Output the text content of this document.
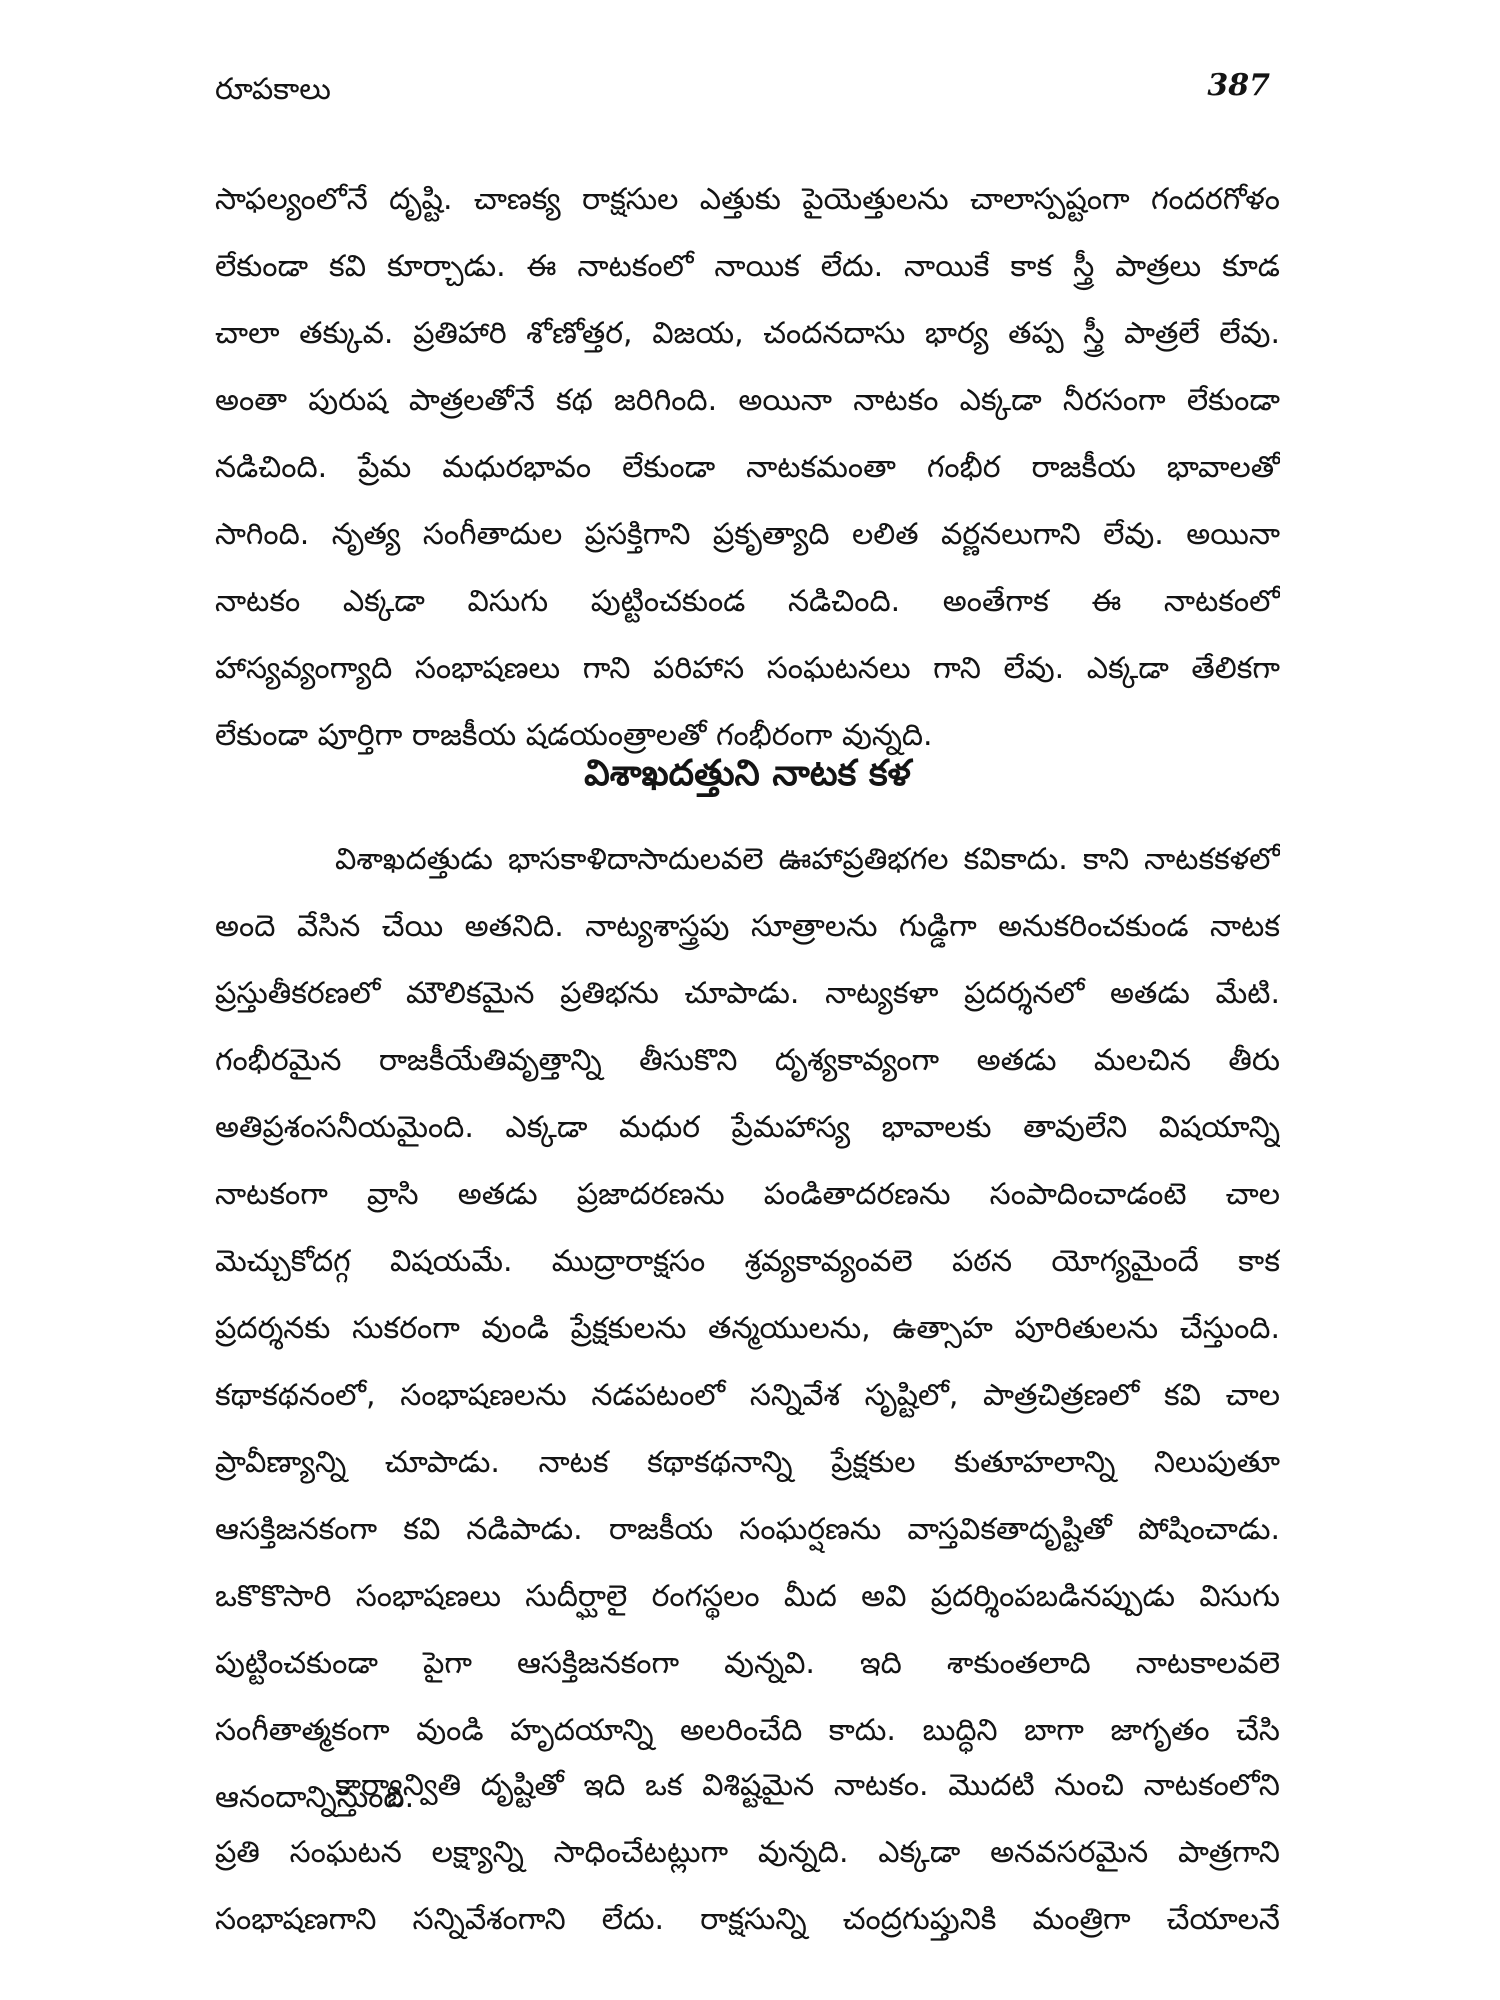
రూపకాలు	387
సాఫల్యంలోనే దృష్టి. చాణక్య రాక్షసుల ఎత్తుకు పైయెత్తులను చాలాస్పష్టంగా గందరగోళం
లేకుండా కవి కూర్చాడు. ఈ నాటకంలో నాయిక లేదు. నాయికే కాక స్త్రీ పాత్రలు కూడ
చాలా తక్కువ. ప్రతిహారి శోణోత్తర, విజయ, చందనదాసు భార్య తప్ప స్త్రీ పాత్రలే లేవు.
అంతా పురుష పాత్రలతోనే కథ జరిగింది. అయినా నాటకం ఎక్కడా నీరసంగా లేకుండా
నడిచింది. ప్రేమ మధురభావం లేకుండా నాటకమంతా గంభీర రాజకీయ భావాలతో
సాగింది. నృత్య సంగీతాదుల ప్రసక్తిగాని ప్రకృత్యాది లలిత వర్ణనలుగాని లేవు. అయినా
నాటకం ఎక్కడా విసుగు పుట్టించకుండ నడిచింది. అంతేగాక ఈ నాటకంలో
హాస్యవ్యంగ్యాది సంభాషణలు గాని పరిహాస సంఘటనలు గాని లేవు. ఎక్కడా తేలికగా
లేకుండా పూర్తిగా రాజకీయ షడయంత్రాలతో గంభీరంగా వున్నది.
విశాఖదత్తుని నాటక కళ
విశాఖదత్తుడు భాసకాళిదాసాదులవలె ఊహాప్రతిభగల కవికాదు. కాని నాటకకళలో
అందె వేసిన చేయి అతనిది. నాట్యశాస్త్రపు సూత్రాలను గుడ్డిగా అనుకరించకుండ నాటక
ప్రస్తుతీకరణలో మౌలికమైన ప్రతిభను చూపాడు. నాట్యకళా ప్రదర్శనలో అతడు మేటి.
గంభీరమైన రాజకీయేతివృత్తాన్ని తీసుకొని దృశ్యకావ్యంగా అతడు మలచిన తీరు
అతిప్రశంసనీయమైంది. ఎక్కడా మధుర ప్రేమహాస్య భావాలకు తావులేని విషయాన్ని
నాటకంగా వ్రాసి అతడు ప్రజాదరణను పండితాదరణను సంపాదించాడంటె చాల
మెచ్చుకోదగ్గ విషయమే. ముద్రారాక్షసం శ్రవ్యకావ్యంవలె పఠన యోగ్యమైందే కాక
ప్రదర్శనకు సుకరంగా వుండి ప్రేక్షకులను తన్మయులను, ఉత్సాహ పూరితులను చేస్తుంది.
కథాకథనంలో, సంభాషణలను నడపటంలో సన్నివేశ సృష్టిలో, పాత్రచిత్రణలో కవి చాల
ప్రావీణ్యాన్ని చూపాడు. నాటక కథాకథనాన్ని ప్రేక్షకుల కుతూహలాన్ని నిలుపుతూ
ఆసక్తిజనకంగా కవి నడిపాడు. రాజకీయ సంఘర్షణను వాస్తవికతాదృష్టితో పోషించాడు.
ఒకొకొసారి సంభాషణలు సుదీర్ఘాలై రంగస్థలం మీద అవి ప్రదర్శింపబడినప్పుడు విసుగు
పుట్టించకుండా పైగా ఆసక్తిజనకంగా వున్నవి. ఇది శాకుంతలాది నాటకాలవలె
సంగీతాత్మకంగా వుండి హృదయాన్ని అలరించేది కాదు. బుద్ధిని బాగా జాగృతం చేసి
ఆనందాన్నిస్తుంది.
కార్యాన్వితి దృష్టితో ఇది ఒక విశిష్టమైన నాటకం. మొదటి నుంచి నాటకంలోని
ప్రతి సంఘటన లక్ష్యాన్ని సాధించేటట్లుగా వున్నది. ఎక్కడా అనవసరమైన పాత్రగాని
సంభాషణగాని సన్నివేశంగాని లేదు. రాక్షసున్ని చంద్రగుప్తునికి మంత్రిగా చేయాలనే
